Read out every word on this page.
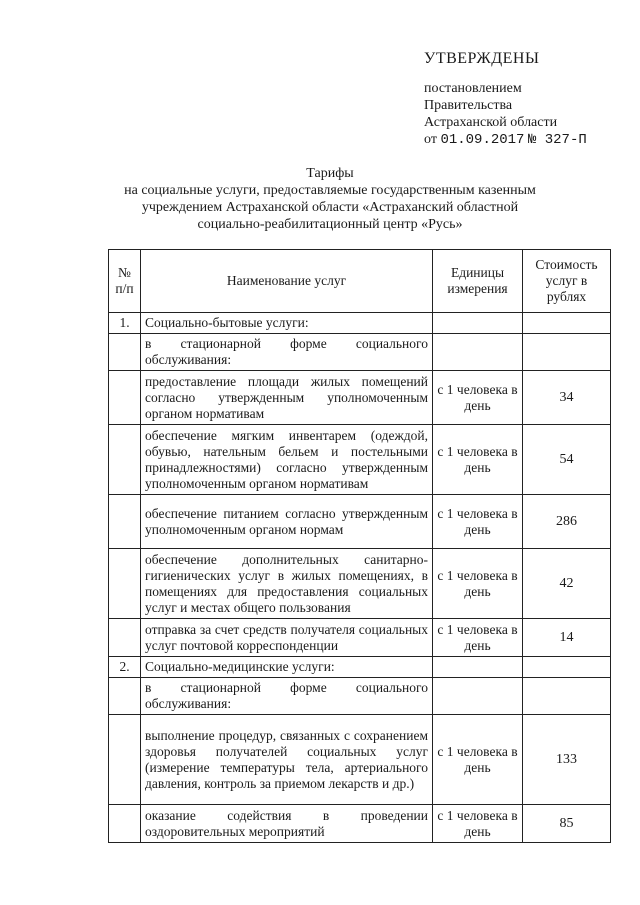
УТВЕРЖДЕНЫ
постановлением
Правительства
Астраханской области
от 01.09.2017 № 327-П
Тарифы
на социальные услуги, предоставляемые государственным казенным
учреждением Астраханской области «Астраханский областной
социально-реабилитационный центр «Русь»
№ п/п	Наименование услуг	Единицы измерения	Стоимость услуг в рублях
1.	Социально-бытовые услуги:		
	в стационарной форме социального обслуживания:		
	предоставление площади жилых помещений согласно утвержденным уполномоченным органом нормативам	с 1 человека в день	34
	обеспечение мягким инвентарем (одеждой, обувью, нательным бельем и постельными принадлежностями) согласно утвержденным уполномоченным органом нормативам	с 1 человека в день	54
	обеспечение питанием согласно утвержденным уполномоченным органом нормам	с 1 человека в день	286
	обеспечение дополнительных санитарно-гигиенических услуг в жилых помещениях, в помещениях для предоставления социальных услуг и местах общего пользования	с 1 человека в день	42
	отправка за счет средств получателя социальных услуг почтовой корреспонденции	с 1 человека в день	14
2.	Социально-медицинские услуги:		
	в стационарной форме социального обслуживания:		
	выполнение процедур, связанных с сохранением здоровья получателей социальных услуг (измерение температуры тела, артериального давления, контроль за приемом лекарств и др.)	с 1 человека в день	133
	оказание содействия в проведении оздоровительных мероприятий	с 1 человека в день	85
